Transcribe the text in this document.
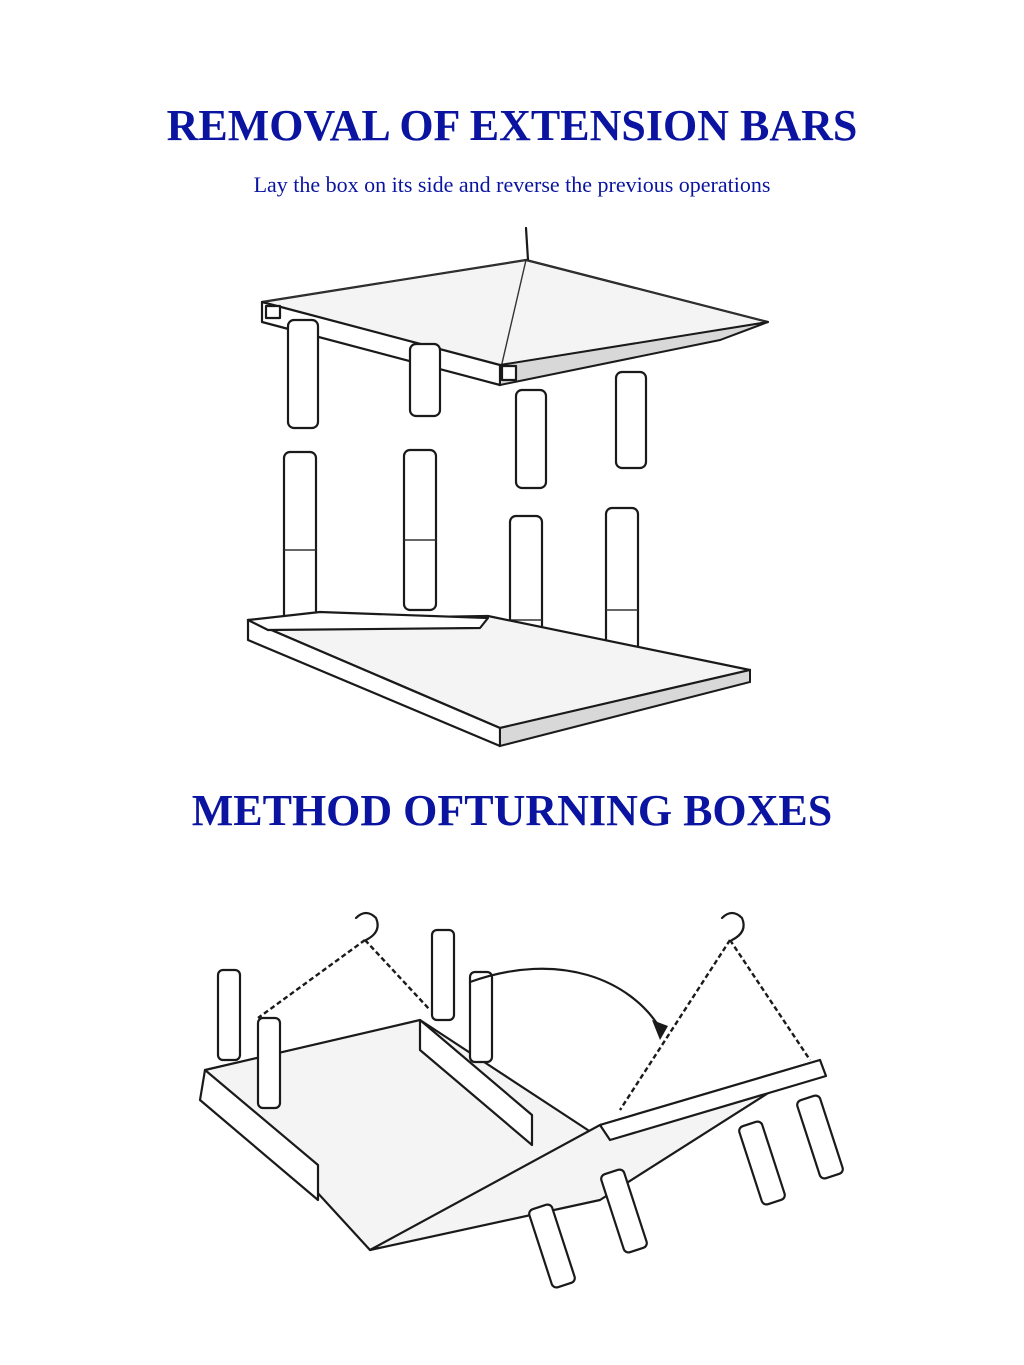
REMOVAL OF EXTENSION BARS

Lay the box on its side and reverse the previous operations

METHOD OFTURNING BOXES
